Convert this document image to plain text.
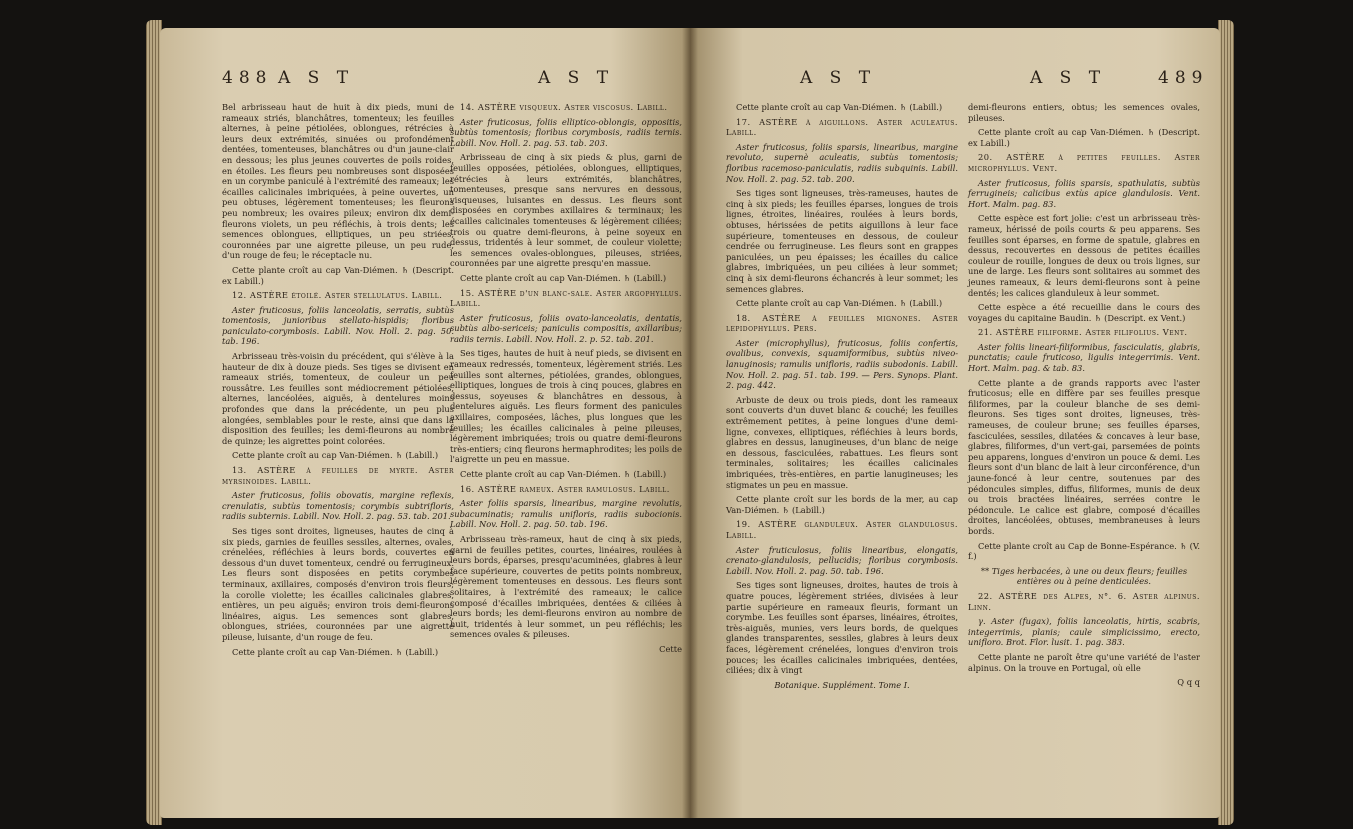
488 A S T	A S T

Bel arbrisseau haut de huit à dix pieds, muni de rameaux striés, blanchâtres, tomenteux; les feuilles alternes, à peine pétiolées, oblongues, rétrécies à leurs deux extrémités, sinuées ou profondément dentées, tomenteuses, blanchâtres ou d'un jaune-clair en dessous; les plus jeunes couvertes de poils roides, en étoiles. Les fleurs peu nombreuses sont disposées en un corymbe paniculé à l'extrémité des rameaux; les écailles calicinales imbriquées, à peine ouvertes, un peu obtuses, légèrement tomenteuses; les fleurons peu nombreux; les ovaires pileux; environ dix demi-fleurons violets, un peu réfléchis, à trois dents; les semences oblongues, elliptiques, un peu striées, couronnées par une aigrette pileuse, un peu rude, d'un rouge de feu; le réceptacle nu.

Cette plante croît au cap Van-Diémen. ♄ (Descript. ex Labill.)

12. ASTÈRE étoilé. Aster stellulatus. Labill.

Aster fruticosus, foliis lanceolatis, serratis, subtùs tomentosis, junioribus stellato-hispidis; floribus paniculato-corymbosis. Labill. Nov. Holl. 2. pag. 50. tab. 196.

Arbrisseau très-voisin du précédent, qui s'élève à la hauteur de dix à douze pieds. Ses tiges se divisent en rameaux striés, tomenteux, de couleur un peu roussâtre. Les feuilles sont médiocrement pétiolées, alternes, lancéolées, aiguës, à dentelures moins profondes que dans la précédente, un peu plus alongées, semblables pour le reste, ainsi que dans la disposition des feuilles; les demi-fleurons au nombre de quinze; les aigrettes point colorées.

Cette plante croît au cap Van-Diémen. ♄ (Labill.)

13. ASTÈRE à feuilles de myrte. Aster myrsinoides. Labill.

Aster fruticosus, foliis obovatis, margine reflexis, crenulatis, subtùs tomentosis; corymbis subtrifloris, radiis subternis. Labill. Nov. Holl. 2. pag. 53. tab. 201.

Ses tiges sont droites, ligneuses, hautes de cinq à six pieds, garnies de feuilles sessiles, alternes, ovales, crénelées, réfléchies à leurs bords, couvertes en dessous d'un duvet tomenteux, cendré ou ferrugineux. Les fleurs sont disposées en petits corymbes terminaux, axillaires, composés d'environ trois fleurs; la corolle violette; les écailles calicinales glabres, entières, un peu aiguës; environ trois demi-fleurons linéaires, aigus. Les semences sont glabres, oblongues, striées, couronnées par une aigrette pileuse, luisante, d'un rouge de feu.

Cette plante croît au cap Van-Diémen. ♄ (Labill.)

14. ASTÈRE visqueux. Aster viscosus. Labill.

Aster fruticosus, foliis elliptico-oblongis, oppositis, subtùs tomentosis; floribus corymbosis, radiis ternis. Labill. Nov. Holl. 2. pag. 53. tab. 203.

Arbrisseau de cinq à six pieds & plus, garni de feuilles opposées, pétiolées, oblongues, elliptiques, rétrécies à leurs extrémités, blanchâtres, tomenteuses, presque sans nervures en dessous, visqueuses, luisantes en dessus. Les fleurs sont disposées en corymbes axillaires & terminaux; les écailles calicinales tomenteuses & légèrement ciliées; trois ou quatre demi-fleurons, à peine soyeux en dessus, tridentés à leur sommet, de couleur violette; les semences ovales-oblongues, pileuses, striées, couronnées par une aigrette presqu'en massue.

Cette plante croît au cap Van-Diémen. ♄ (Labill.)

15. ASTÈRE d'un blanc-sale. Aster argophyllus. Labill.

Aster fruticosus, foliis ovato-lanceolatis, dentatis, subtùs albo-sericeis; paniculis compositis, axillaribus; radiis ternis. Labill. Nov. Holl. 2. p. 52. tab. 201.

Ses tiges, hautes de huit à neuf pieds, se divisent en rameaux redressés, tomenteux, légèrement striés. Les feuilles sont alternes, pétiolées, grandes, oblongues, elliptiques, longues de trois à cinq pouces, glabres en dessus, soyeuses & blanchâtres en dessous, à dentelures aiguës. Les fleurs forment des panicules axillaires, composées, lâches, plus longues que les feuilles; les écailles calicinales à peine pileuses, légèrement imbriquées; trois ou quatre demi-fleurons très-entiers; cinq fleurons hermaphrodites; les poils de l'aigrette un peu en massue.

Cette plante croît au cap Van-Diémen. ♄ (Labill.)

16. ASTÈRE rameux. Aster ramulosus. Labill.

Aster foliis sparsis, linearibus, margine revolutis, subacuminatis; ramulis unifloris, radiis subocionis. Labill. Nov. Holl. 2. pag. 50. tab. 196.

Arbrisseau très-rameux, haut de cinq à six pieds, garni de feuilles petites, courtes, linéaires, roulées à leurs bords, éparses, presqu'acuminées, glabres à leur face supérieure, couvertes de petits points nombreux, légèrement tomenteuses en dessous. Les fleurs sont solitaires, à l'extrémité des rameaux; le calice composé d'écailles imbriquées, dentées & ciliées à leurs bords; les demi-fleurons environ au nombre de huit, tridentés à leur sommet, un peu réfléchis; les semences ovales & pileuses.

Cette

A S T	A S T	489

Cette plante croît au cap Van-Diémen. ♄ (Labill.)

17. ASTÈRE à aiguillons. Aster aculeatus. Labill.

Aster fruticosus, foliis sparsis, linearibus, margine revoluto, supernè aculeatis, subtùs tomentosis; floribus racemoso-paniculatis, radiis subquinis. Labill. Nov. Holl. 2. pag. 52. tab. 200.

Ses tiges sont ligneuses, très-rameuses, hautes de cinq à six pieds; les feuilles éparses, longues de trois lignes, étroites, linéaires, roulées à leurs bords, obtuses, hérissées de petits aiguillons à leur face supérieure, tomenteuses en dessous, de couleur cendrée ou ferrugineuse. Les fleurs sont en grappes paniculées, un peu épaisses; les écailles du calice glabres, imbriquées, un peu ciliées à leur sommet; cinq à six demi-fleurons échancrés à leur sommet; les semences glabres.

Cette plante croît au cap Van-Diémen. ♄ (Labill.)

18. ASTÈRE à feuilles mignones. Aster lepidophyllus. Pers.

Aster (microphyllus), fruticosus, foliis confertis, ovalibus, convexis, squamiformibus, subtùs niveo-lanuginosis; ramulis unifloris, radiis subodonis. Labill. Nov. Holl. 2. pag. 51. tab. 199. — Pers. Synops. Plant. 2. pag. 442.

Arbuste de deux ou trois pieds, dont les rameaux sont couverts d'un duvet blanc & couché; les feuilles extrêmement petites, à peine longues d'une demi-ligne, convexes, elliptiques, réfléchies à leurs bords, glabres en dessus, lanugineuses, d'un blanc de neige en dessous, fasciculées, rabattues. Les fleurs sont terminales, solitaires; les écailles calicinales imbriquées, très-entières, en partie lanugineuses; les stigmates un peu en massue.

Cette plante croît sur les bords de la mer, au cap Van-Diémen. ♄ (Labill.)

19. ASTÈRE glanduleux. Aster glandulosus. Labill.

Aster fruticulosus, foliis linearibus, elongatis, crenato-glandulosis, pellucidis; floribus corymbosis. Labill. Nov. Holl. 2. pag. 50. tab. 196.

Ses tiges sont ligneuses, droites, hautes de trois à quatre pouces, légèrement striées, divisées à leur partie supérieure en rameaux fleuris, formant un corymbe. Les feuilles sont éparses, linéaires, étroites, très-aiguës, munies, vers leurs bords, de quelques glandes transparentes, sessiles, glabres à leurs deux faces, légèrement crénelées, longues d'environ trois pouces; les écailles calicinales imbriquées, dentées, ciliées; dix à vingt

Botanique. Supplément. Tome I.

demi-fleurons entiers, obtus; les semences ovales, pileuses.

Cette plante croît au cap Van-Diémen. ♄ (Descript. ex Labill.)

20. ASTÈRE à petites feuilles. Aster microphyllus. Vent.

Aster fruticosus, foliis sparsis, spathulatis, subtùs ferrugineis; calicibus extùs apice glandulosis. Vent. Hort. Malm. pag. 83.

Cette espèce est fort jolie: c'est un arbrisseau très-rameux, hérissé de poils courts & peu apparens. Ses feuilles sont éparses, en forme de spatule, glabres en dessus, recouvertes en dessous de petites écailles couleur de rouille, longues de deux ou trois lignes, sur une de large. Les fleurs sont solitaires au sommet des jeunes rameaux, & leurs demi-fleurons sont à peine dentés; les calices glanduleux à leur sommet.

Cette espèce a été recueillie dans le cours des voyages du capitaine Baudin. ♄ (Descript. ex Vent.)

21. ASTÈRE filiforme. Aster filifolius. Vent.

Aster foliis lineari-filiformibus, fasciculatis, glabris, punctatis; caule fruticoso, ligulis integerrimis. Vent. Hort. Malm. pag. & tab. 83.

Cette plante a de grands rapports avec l'aster fruticosus; elle en diffère par ses feuilles presque filiformes, par la couleur blanche de ses demi-fleurons. Ses tiges sont droites, ligneuses, très-rameuses, de couleur brune; ses feuilles éparses, fasciculées, sessiles, dilatées & concaves à leur base, glabres, filiformes, d'un vert-gai, parsemées de points peu apparens, longues d'environ un pouce & demi. Les fleurs sont d'un blanc de lait à leur circonférence, d'un jaune-foncé à leur centre, soutenues par des pédoncules simples, diffus, filiformes, munis de deux ou trois bractées linéaires, serrées contre le pédoncule. Le calice est glabre, composé d'écailles droites, lancéolées, obtuses, membraneuses à leurs bords.

Cette plante croît au Cap de Bonne-Espérance. ♄ (V. f.)

** Tiges herbacées, à une ou deux fleurs; feuilles entières ou à peine denticulées.

22. ASTÈRE des Alpes, n°. 6. Aster alpinus. Linn.

γ. Aster (fugax), foliis lanceolatis, hirtis, scabris, integerrimis, planis; caule simplicissimo, erecto, unifloro. Brot. Flor. lusit. 1. pag. 383.

Cette plante ne paroît être qu'une variété de l'aster alpinus. On la trouve en Portugal, où elle

Q q q
